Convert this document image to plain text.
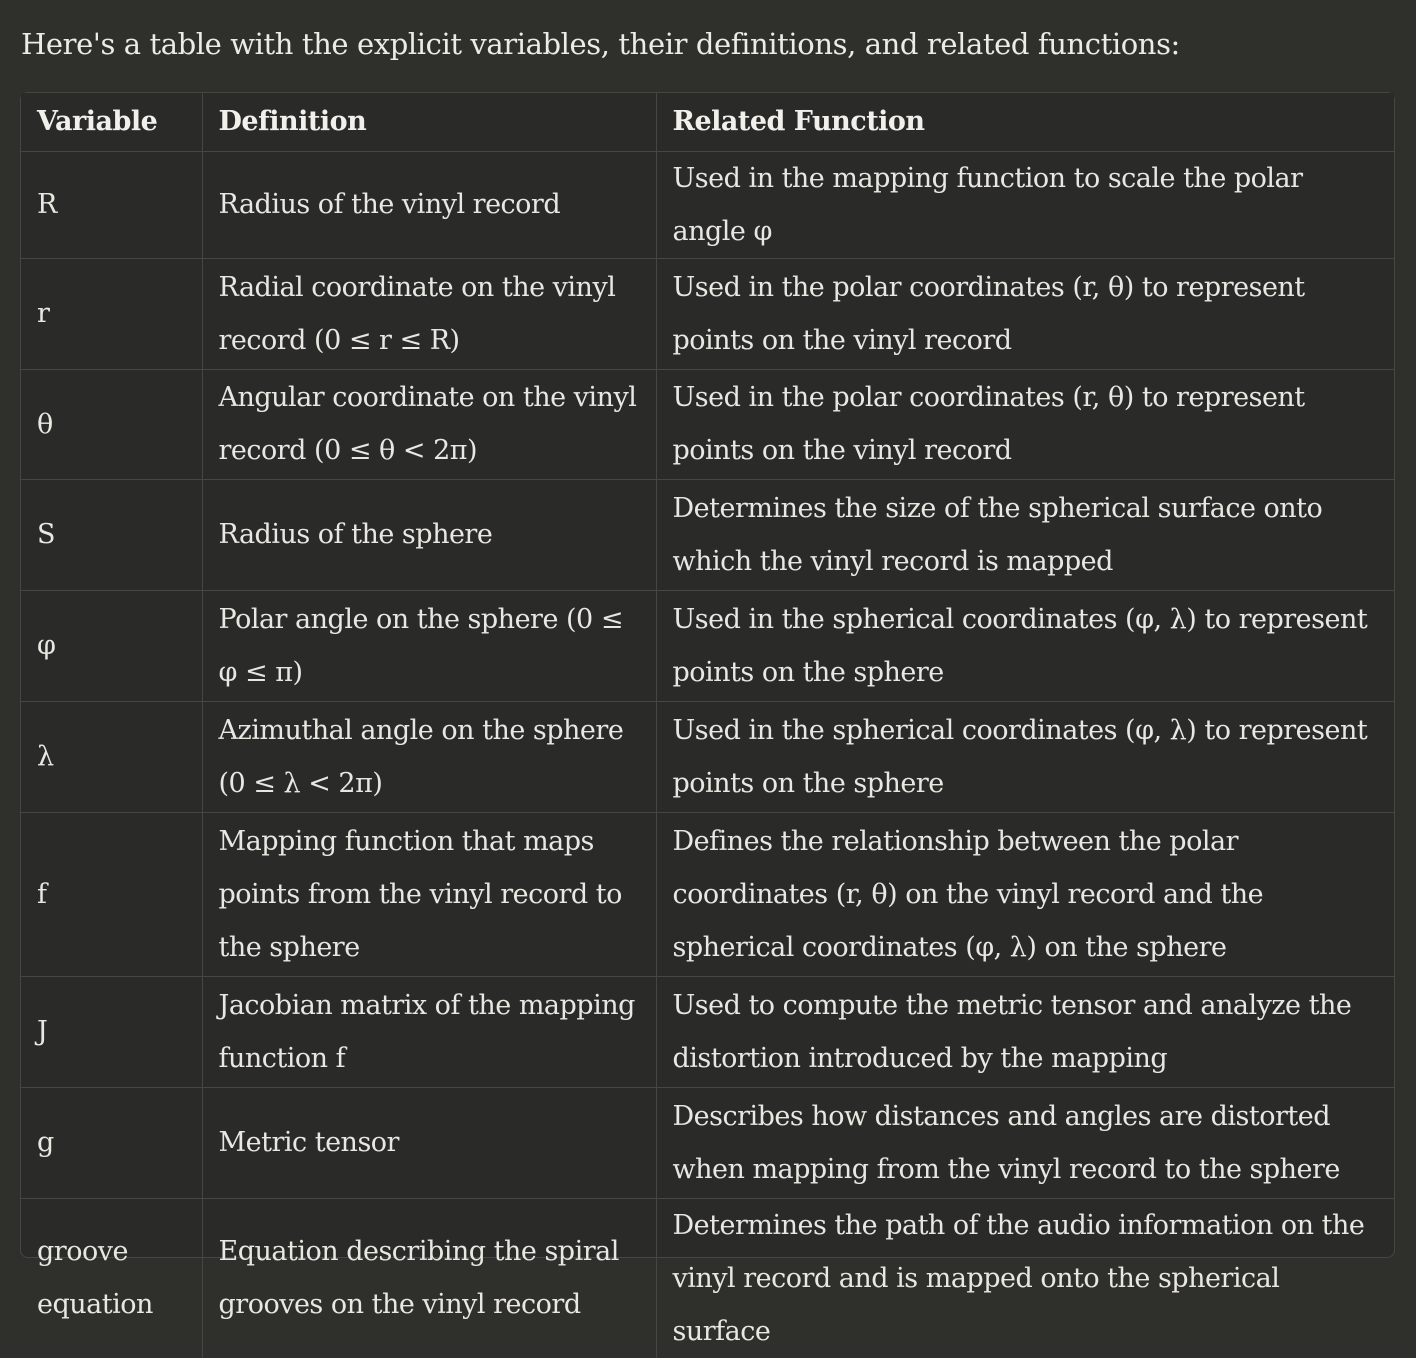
Here's a table with the explicit variables, their definitions, and related functions:

Variable	Definition	Related Function
R	Radius of the vinyl record	Used in the mapping function to scale the polar angle φ
r	Radial coordinate on the vinyl record (0 ≤ r ≤ R)	Used in the polar coordinates (r, θ) to represent points on the vinyl record
θ	Angular coordinate on the vinyl record (0 ≤ θ < 2π)	Used in the polar coordinates (r, θ) to represent points on the vinyl record
S	Radius of the sphere	Determines the size of the spherical surface onto which the vinyl record is mapped
φ	Polar angle on the sphere (0 ≤ φ ≤ π)	Used in the spherical coordinates (φ, λ) to represent points on the sphere
λ	Azimuthal angle on the sphere (0 ≤ λ < 2π)	Used in the spherical coordinates (φ, λ) to represent points on the sphere
f	Mapping function that maps points from the vinyl record to the sphere	Defines the relationship between the polar coordinates (r, θ) on the vinyl record and the spherical coordinates (φ, λ) on the sphere
J	Jacobian matrix of the mapping function f	Used to compute the metric tensor and analyze the distortion introduced by the mapping
g	Metric tensor	Describes how distances and angles are distorted when mapping from the vinyl record to the sphere
groove equation	Equation describing the spiral grooves on the vinyl record	Determines the path of the audio information on the vinyl record and is mapped onto the spherical surface
